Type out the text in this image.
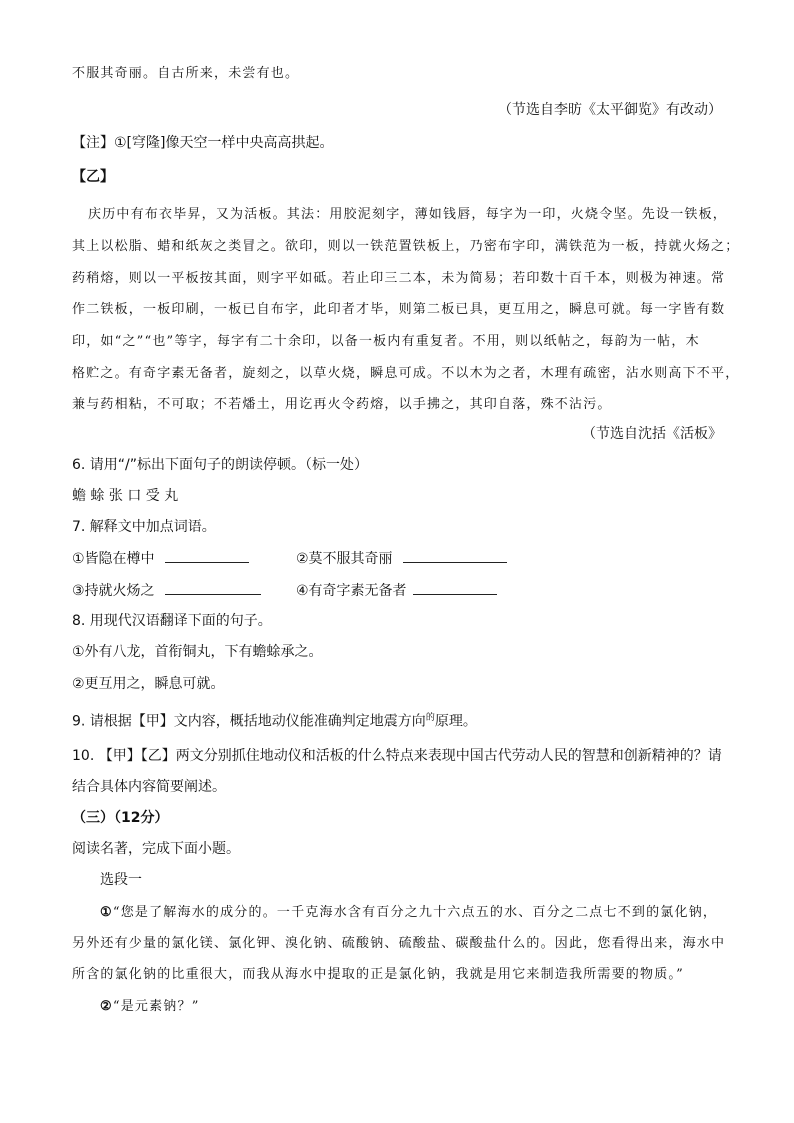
不服其奇丽。自古所来，未尝有也。
（节选自李昉《太平御览》有改动）
【注】①[穹隆]像天空一样中央高高拱起。
【乙】
庆历中有布衣毕昇，又为活板。其法：用胶泥刻字，薄如钱唇，每字为一印，火烧令坚。先设一铁板，
其上以松脂、蜡和纸灰之类冒之。欲印，则以一铁范置铁板上，乃密布字印，满铁范为一板，持就火炀之；
药稍熔，则以一平板按其面，则字平如砥。若止印三二本，未为简易；若印数十百千本，则极为神速。常
作二铁板，一板印刷，一板已自布字，此印者才毕，则第二板已具，更互用之，瞬息可就。每一字皆有数
印，如“之”“也”等字，每字有二十余印，以备一板内有重复者。不用，则以纸帖之，每韵为一帖，木
格贮之。有奇字素无备者，旋刻之，以草火烧，瞬息可成。不以木为之者，木理有疏密，沾水则高下不平，
兼与药相粘，不可取；不若燔土，用讫再火令药熔，以手拂之，其印自落，殊不沾污。
（节选自沈括《活板》
6. 请用“/”标出下面句子的朗读停顿。（标一处）
蟾 蜍 张 口 受 丸
7. 解释文中加点词语。
①皆隐在樽中	②莫不服其奇丽
③持就火炀之	④有奇字素无备者
8. 用现代汉语翻译下面的句子。
①外有八龙，首衔铜丸，下有蟾蜍承之。
②更互用之，瞬息可就。
9. 请根据【甲】文内容，概括地动仪能准确判定地震方向$^的$原理。
10. 【甲】【乙】两文分别抓住地动仪和活板的什么特点来表现中国古代劳动人民的智慧和创新精神的？请
结合具体内容简要阐述。
（三）（12分）
阅读名著，完成下面小题。
选段一
①“您是了解海水的成分的。一千克海水含有百分之九十六点五的水、百分之二点七不到的氯化钠，
另外还有少量的氯化镁、氯化钾、溴化钠、硫酸钠、硫酸盐、碳酸盐什么的。因此，您看得出来，海水中
所含的氯化钠的比重很大，而我从海水中提取的正是氯化钠，我就是用它来制造我所需要的物质。”
②“是元素钠？”
